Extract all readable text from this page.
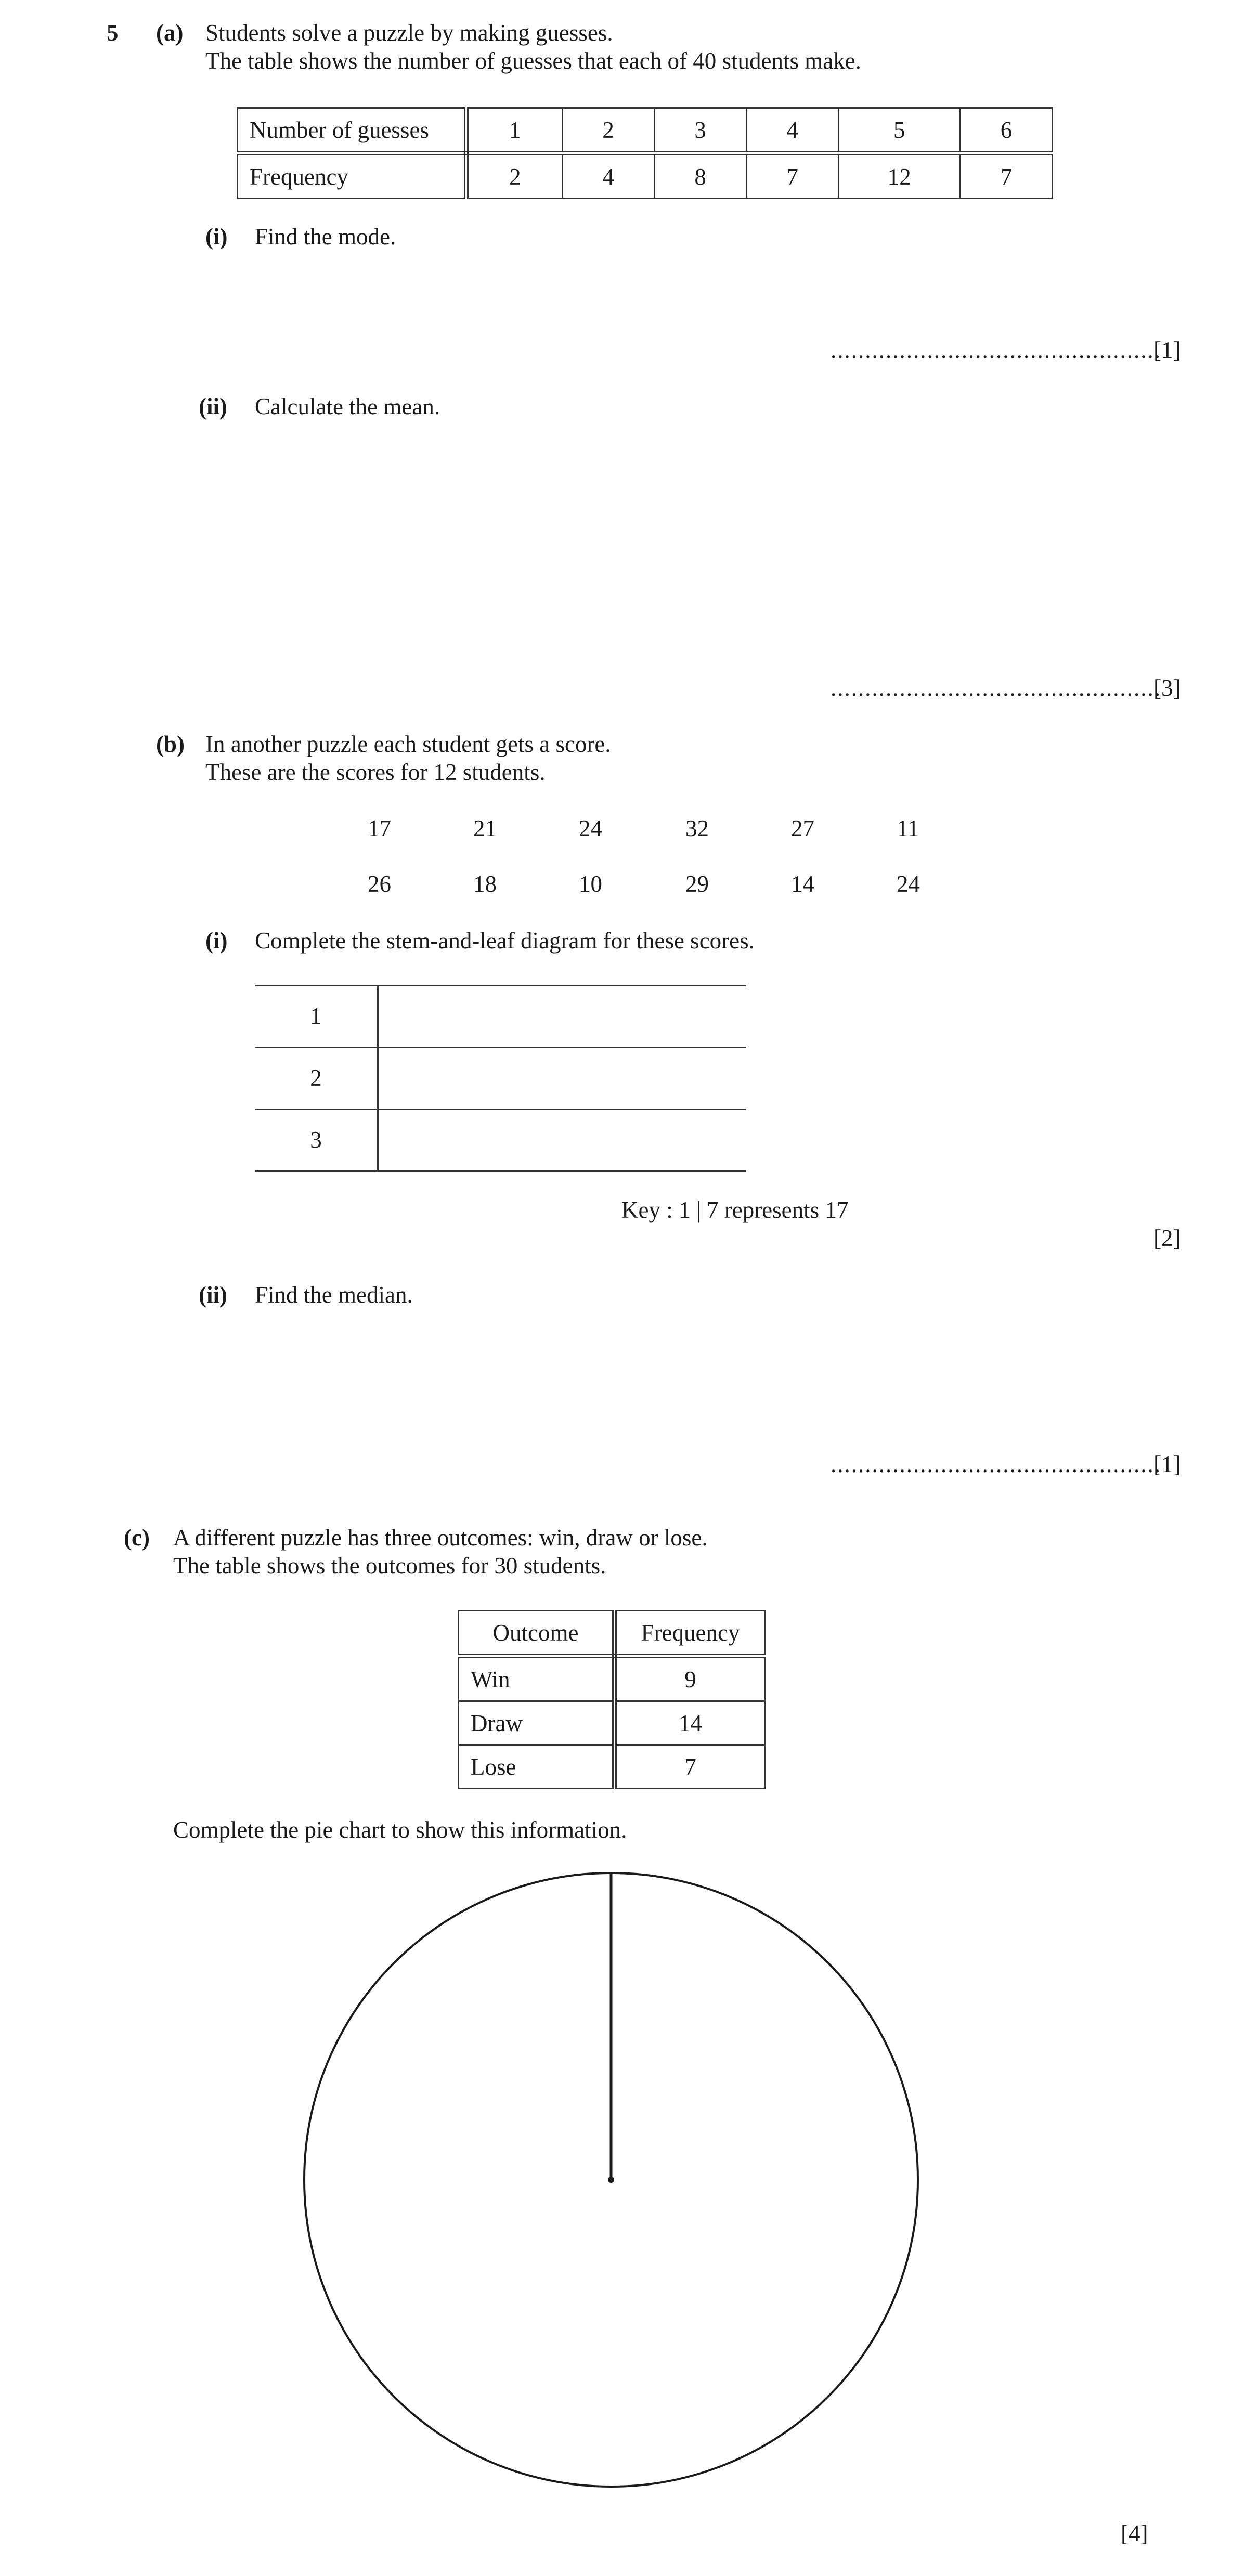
5 (a) Students solve a puzzle by making guesses.
The table shows the number of guesses that each of 40 students make.
Number of guesses	1	2	3	4	5	6
Frequency	2	4	8	7	12	7
(i) Find the mode.
................................................
[1]
(ii) Calculate the mean.
................................................
[3]
(b) In another puzzle each student gets a score.
These are the scores for 12 students.
17	21	24	32	27	11
26	18	10	29	14	24
(i) Complete the stem-and-leaf diagram for these scores.
1
2
3
Key : 1 | 7 represents 17
[2]
(ii) Find the median.
................................................
[1]
(c) A different puzzle has three outcomes: win, draw or lose.
The table shows the outcomes for 30 students.
Outcome	Frequency
Win	9
Draw	14
Lose	7
Complete the pie chart to show this information.
[4]
